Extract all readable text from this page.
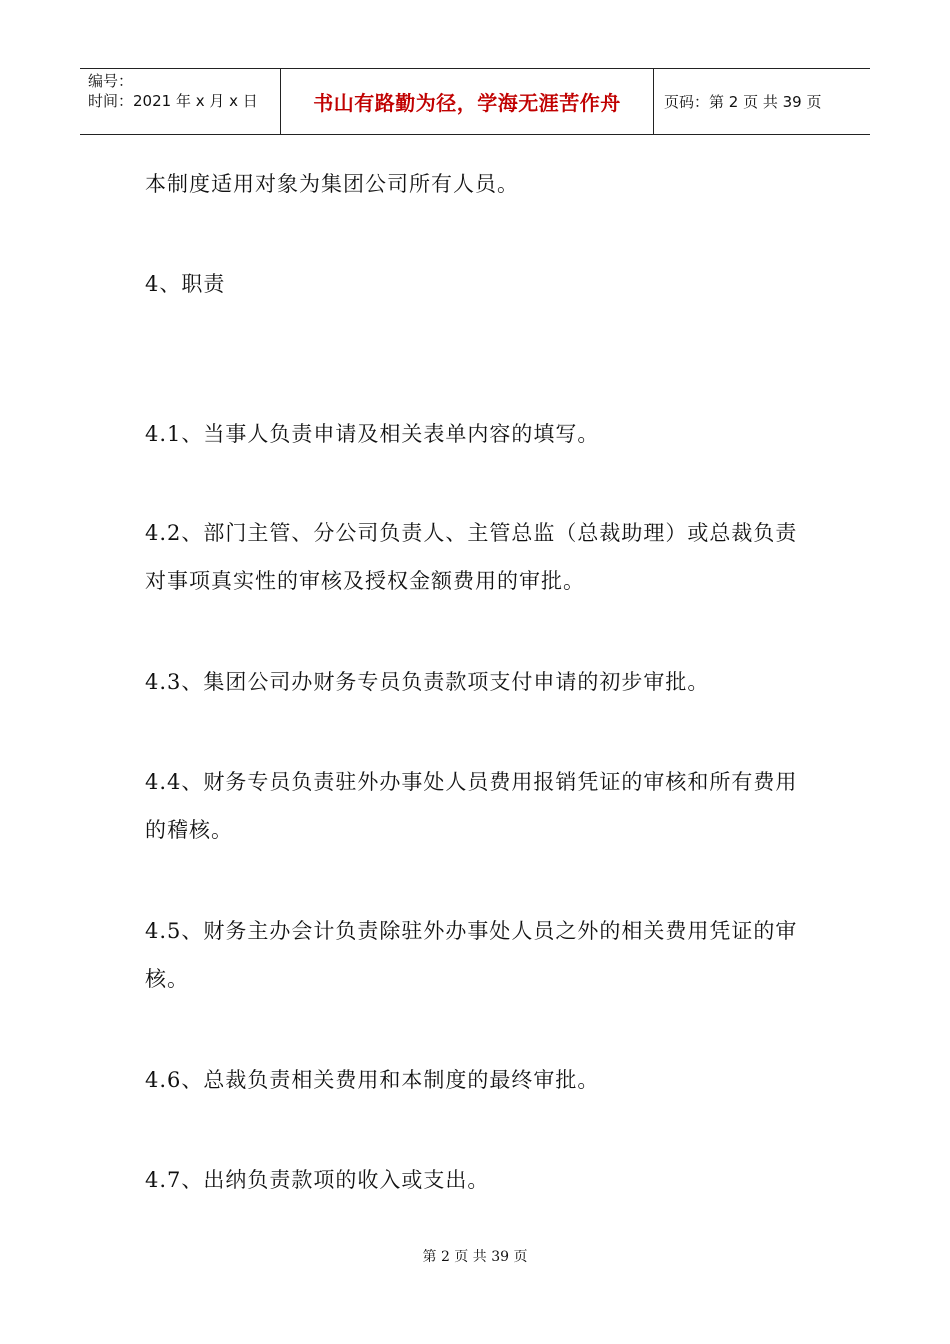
编号：
时间：2021 年 x 月 x 日	书山有路勤为径，学海无涯苦作舟	页码：第 2 页 共 39 页

本制度适用对象为集团公司所有人员。

4、职责

4.1、当事人负责申请及相关表单内容的填写。

4.2、部门主管、分公司负责人、主管总监（总裁助理）或总裁负责对事项真实性的审核及授权金额费用的审批。

4.3、集团公司办财务专员负责款项支付申请的初步审批。

4.4、财务专员负责驻外办事处人员费用报销凭证的审核和所有费用的稽核。

4.5、财务主办会计负责除驻外办事处人员之外的相关费用凭证的审核。

4.6、总裁负责相关费用和本制度的最终审批。

4.7、出纳负责款项的收入或支出。

第 2 页 共 39 页
